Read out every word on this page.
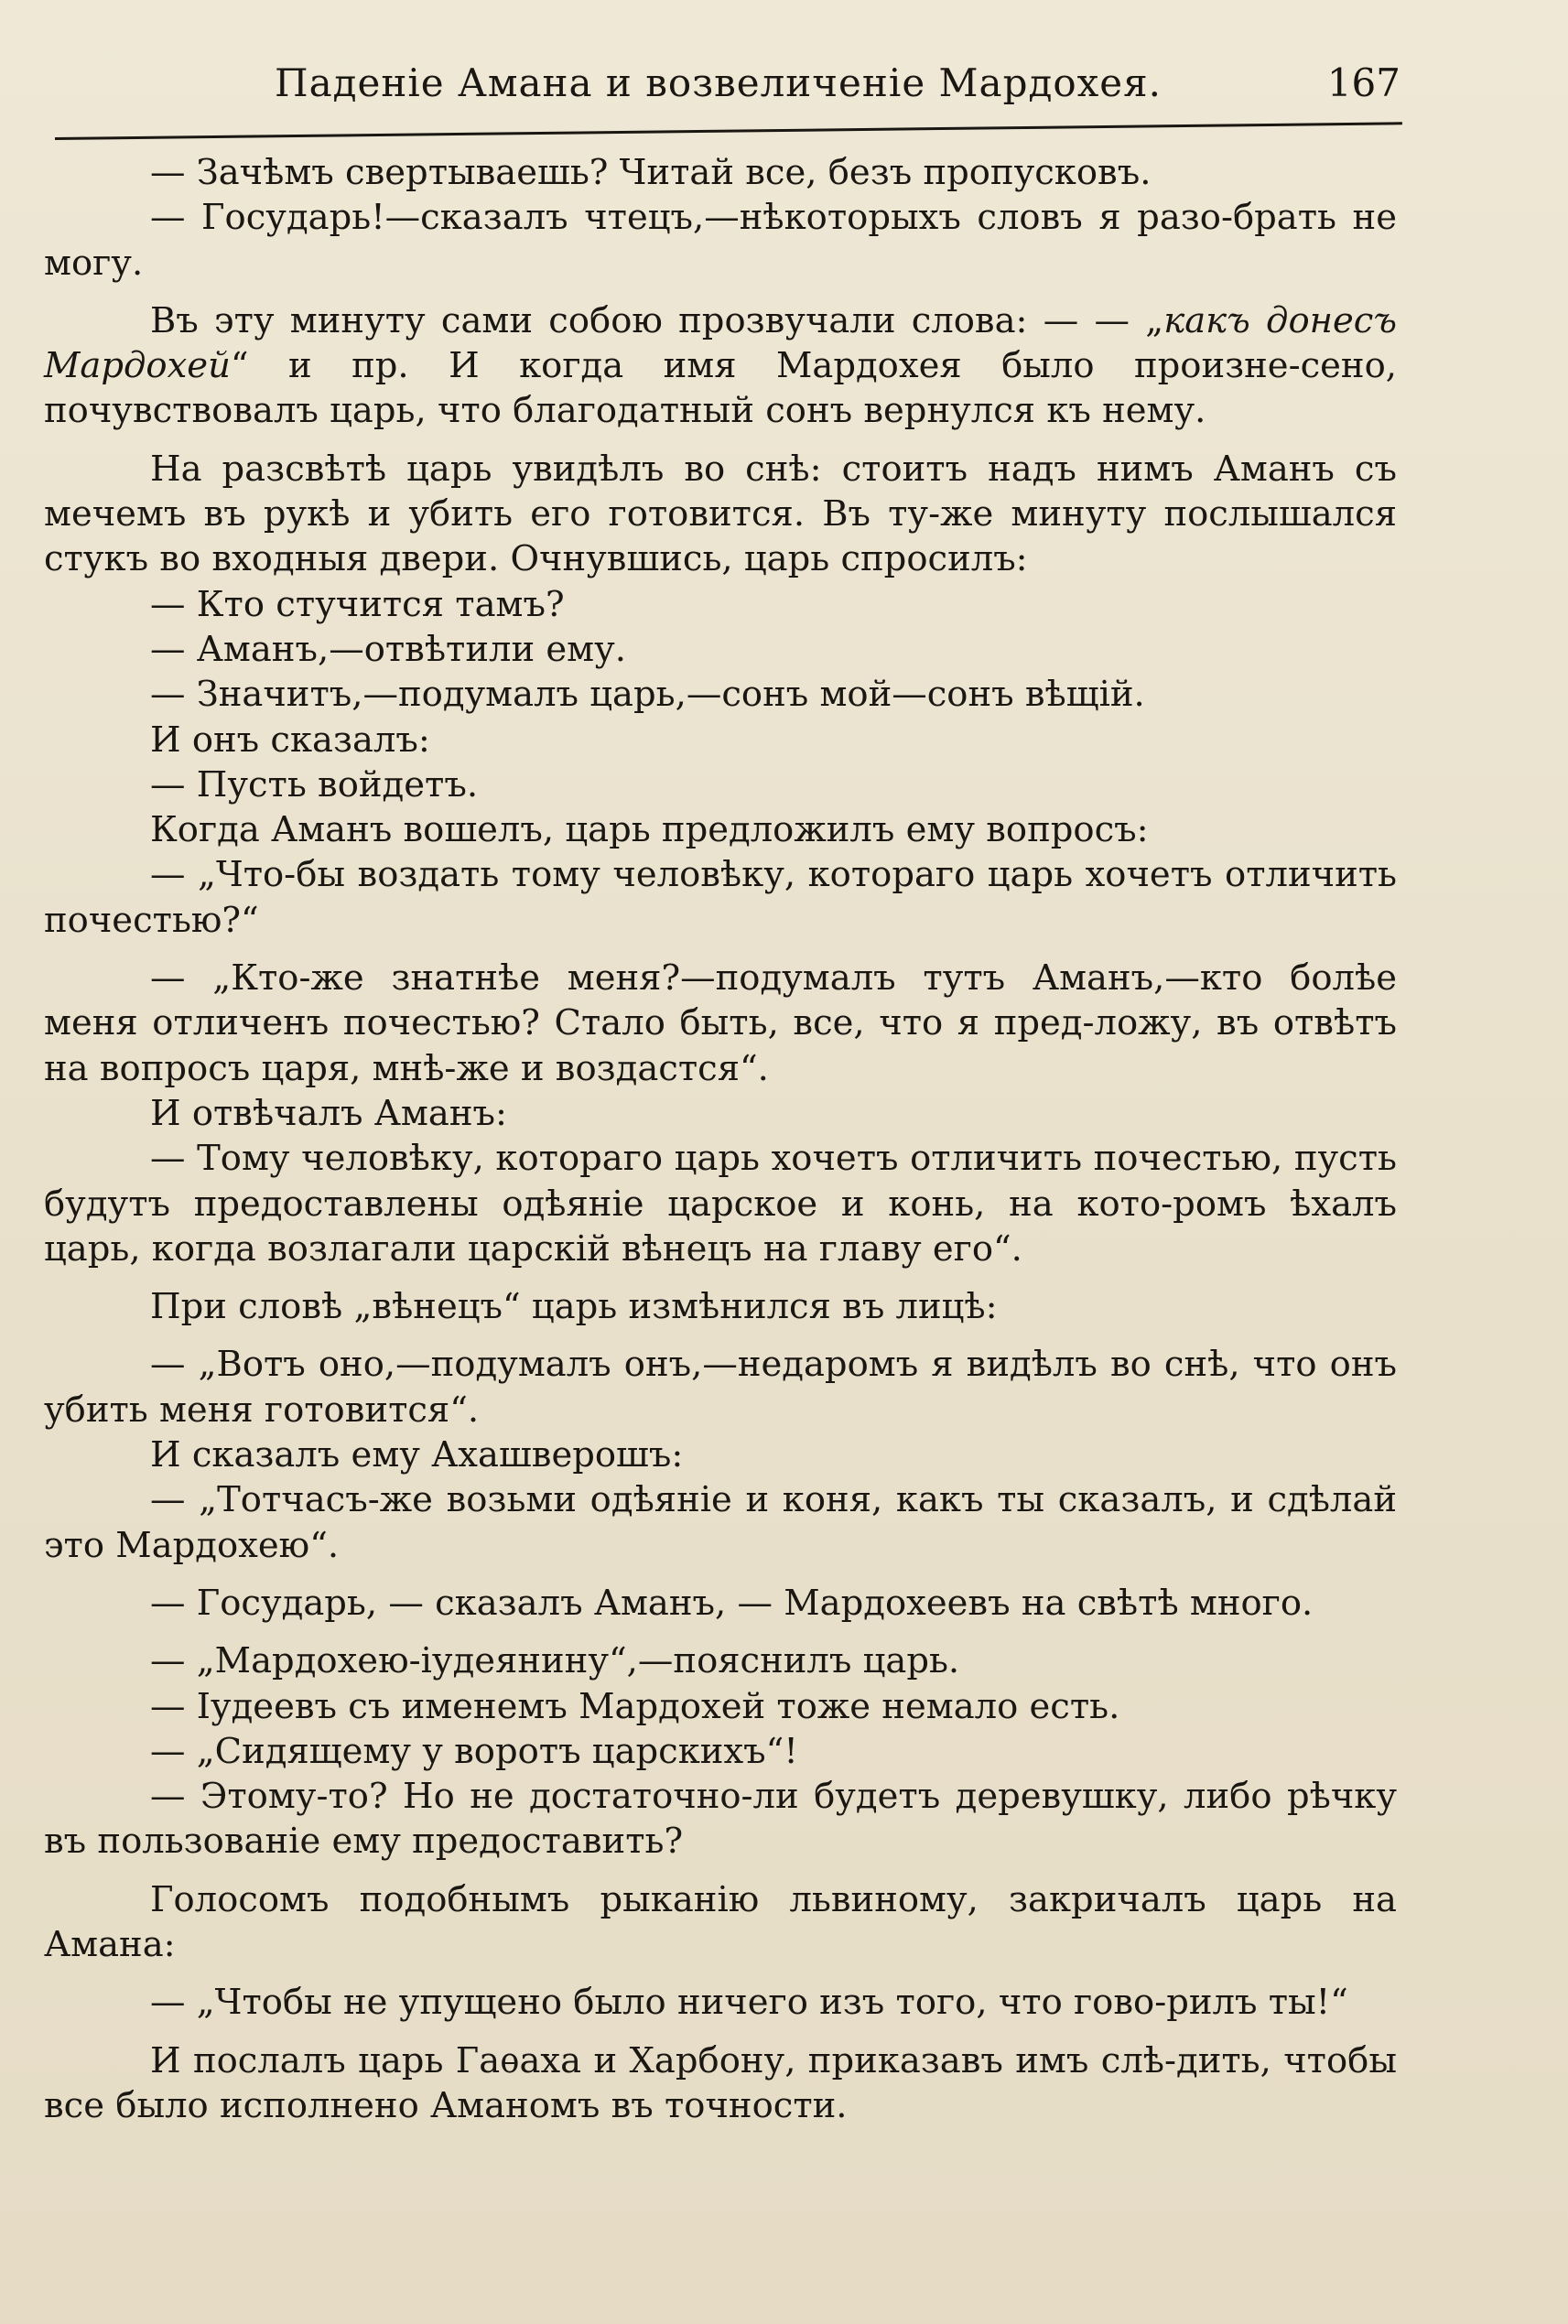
Паденіе Амана и возвеличеніе Мардохея.	167

— Зачѣмъ свертываешь? Читай все, безъ пропусковъ.

— Государь!—сказалъ чтецъ,—нѣкоторыхъ словъ я разо-брать не могу.

Въ эту минуту сами собою прозвучали слова: — — „какъ донесъ Мардохей“ и пр. И когда имя Мардохея было произне-сено, почувствовалъ царь, что благодатный сонъ вернулся къ нему.

На разсвѣтѣ царь увидѣлъ во снѣ: стоитъ надъ нимъ Аманъ съ мечемъ въ рукѣ и убить его готовится. Въ ту-же минуту послышался стукъ во входныя двери. Очнувшись, царь спросилъ:

— Кто стучится тамъ?

— Аманъ,—отвѣтили ему.

— Значитъ,—подумалъ царь,—сонъ мой—сонъ вѣщій.

И онъ сказалъ:

— Пусть войдетъ.

Когда Аманъ вошелъ, царь предложилъ ему вопросъ:

— „Что-бы воздать тому человѣку, котораго царь хочетъ отличить почестью?“

— „Кто-же знатнѣе меня?—подумалъ тутъ Аманъ,—кто болѣе меня отличенъ почестью? Стало быть, все, что я пред-ложу, въ отвѣтъ на вопросъ царя, мнѣ-же и воздастся“.

И отвѣчалъ Аманъ:

— Тому человѣку, котораго царь хочетъ отличить почестью, пусть будутъ предоставлены одѣяніе царское и конь, на кото-ромъ ѣхалъ царь, когда возлагали царскій вѣнецъ на главу его“.

При словѣ „вѣнецъ“ царь измѣнился въ лицѣ:

— „Вотъ оно,—подумалъ онъ,—недаромъ я видѣлъ во снѣ, что онъ убить меня готовится“.

И сказалъ ему Ахашверошъ:

— „Тотчасъ-же возьми одѣяніе и коня, какъ ты сказалъ, и сдѣлай это Мардохею“.

— Государь, — сказалъ Аманъ, — Мардохеевъ на свѣтѣ много.

— „Мардохею-іудеянину“,—пояснилъ царь.

— Іудеевъ съ именемъ Мардохей тоже немало есть.

— „Сидящему у воротъ царскихъ“!

— Этому-то? Но не достаточно-ли будетъ деревушку, либо рѣчку въ пользованіе ему предоставить?

Голосомъ подобнымъ рыканію львиному, закричалъ царь на Амана:

— „Чтобы не упущено было ничего изъ того, что гово-рилъ ты!“

И послалъ царь Гаѳаха и Харбону, приказавъ имъ слѣ-дить, чтобы все было исполнено Аманомъ въ точности.
